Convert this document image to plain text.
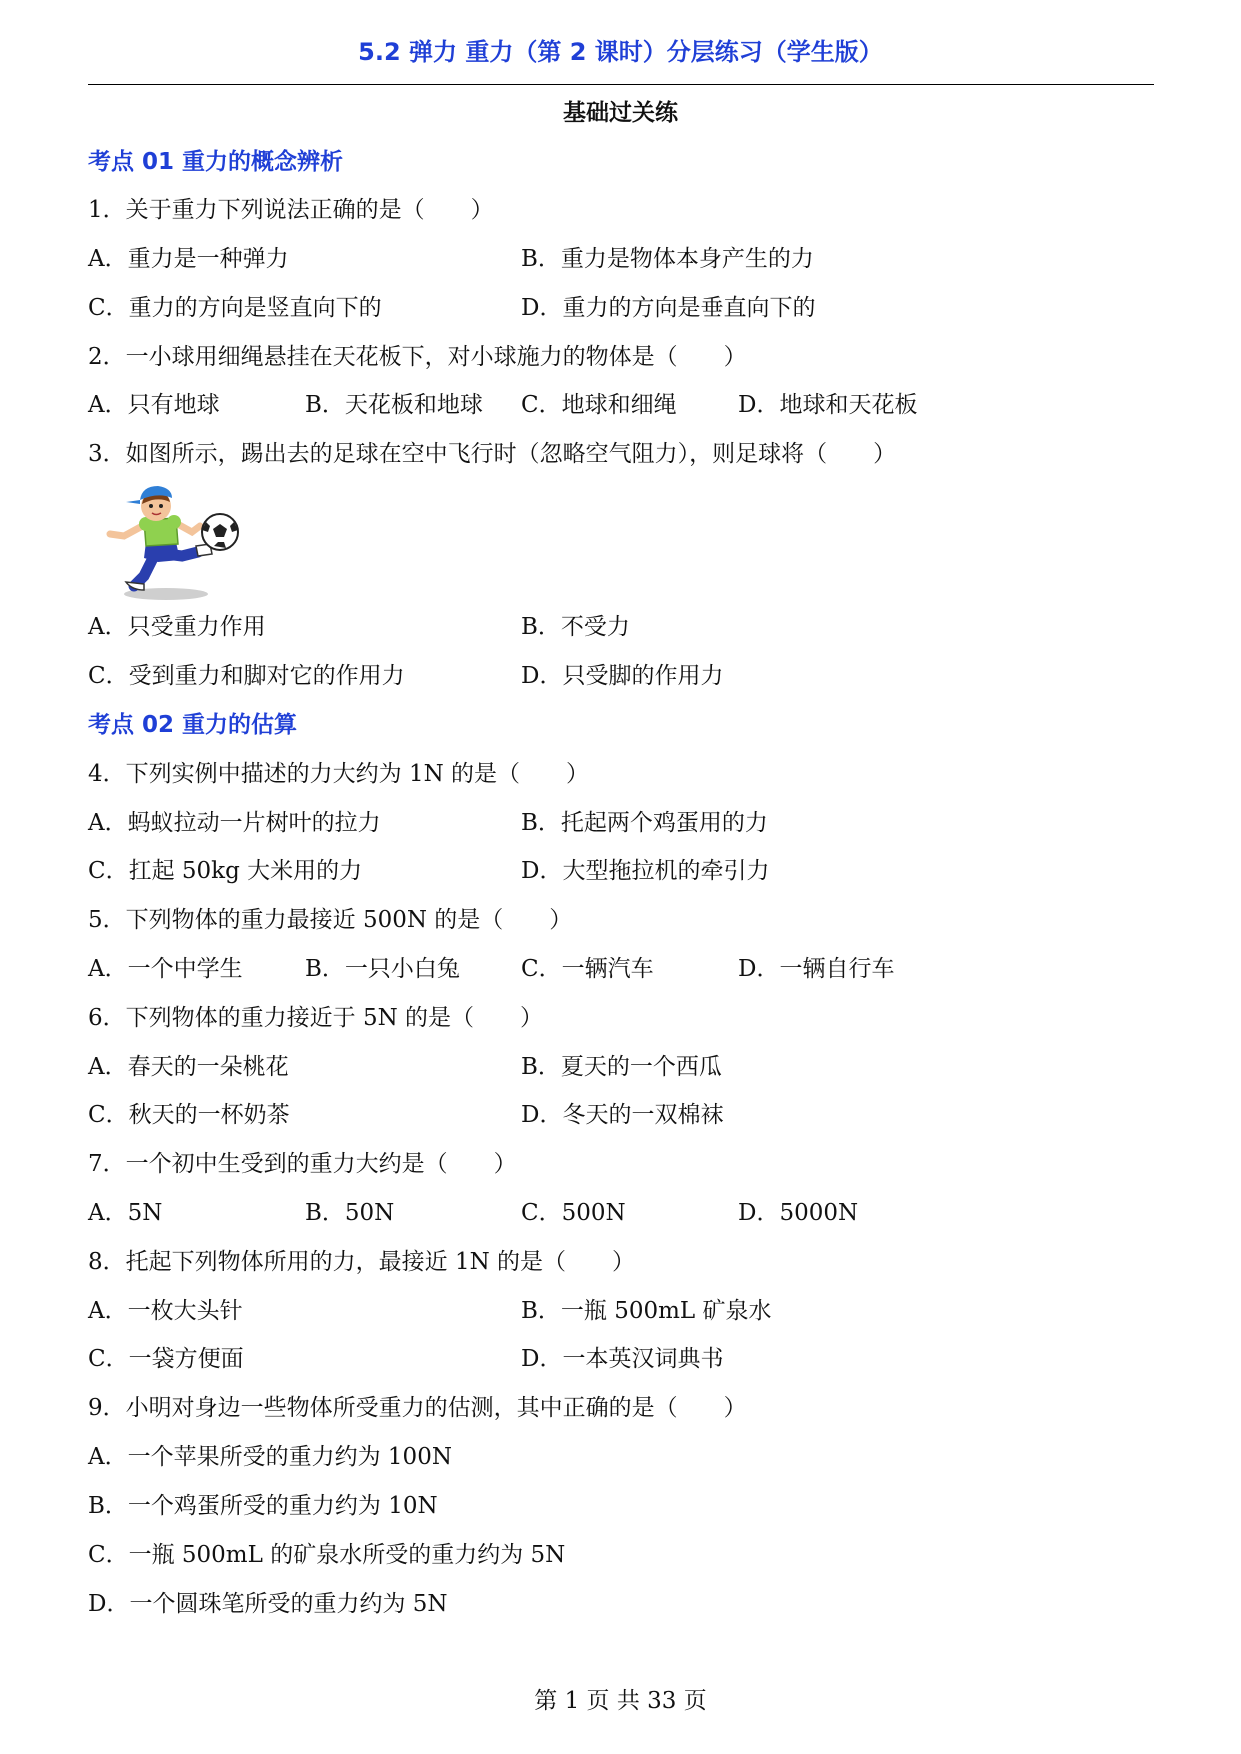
5.2 弹力 重力（第 2 课时）分层练习（学生版）
基础过关练
考点 01 重力的概念辨析
1．关于重力下列说法正确的是（　　）
A．重力是一种弹力	B．重力是物体本身产生的力
C．重力的方向是竖直向下的	D．重力的方向是垂直向下的
2．一小球用细绳悬挂在天花板下，对小球施力的物体是（　　）
A．只有地球	B．天花板和地球 C．地球和细绳	D．地球和天花板
3．如图所示，踢出去的足球在空中飞行时（忽略空气阻力），则足球将（　　）
A．只受重力作用	B．不受力
C．受到重力和脚对它的作用力	D．只受脚的作用力
考点 02 重力的估算
4．下列实例中描述的力大约为 1N 的是（　　）
A．蚂蚁拉动一片树叶的拉力	B．托起两个鸡蛋用的力
C．扛起 50kg 大米用的力	D．大型拖拉机的牵引力
5．下列物体的重力最接近 500N 的是（　　）
A．一个中学生	B．一只小白兔	C．一辆汽车	D．一辆自行车
6．下列物体的重力接近于 5N 的是（　　）
A．春天的一朵桃花	B．夏天的一个西瓜
C．秋天的一杯奶茶	D．冬天的一双棉袜
7．一个初中生受到的重力大约是（　　）
A．5N	B．50N	C．500N	D．5000N
8．托起下列物体所用的力，最接近 1N 的是（　　）
A．一枚大头针	B．一瓶 500mL 矿泉水
C．一袋方便面	D．一本英汉词典书
9．小明对身边一些物体所受重力的估测，其中正确的是（　　）
A．一个苹果所受的重力约为 100N
B．一个鸡蛋所受的重力约为 10N
C．一瓶 500mL 的矿泉水所受的重力约为 5N
D．一个圆珠笔所受的重力约为 5N
第 1 页 共 33 页
